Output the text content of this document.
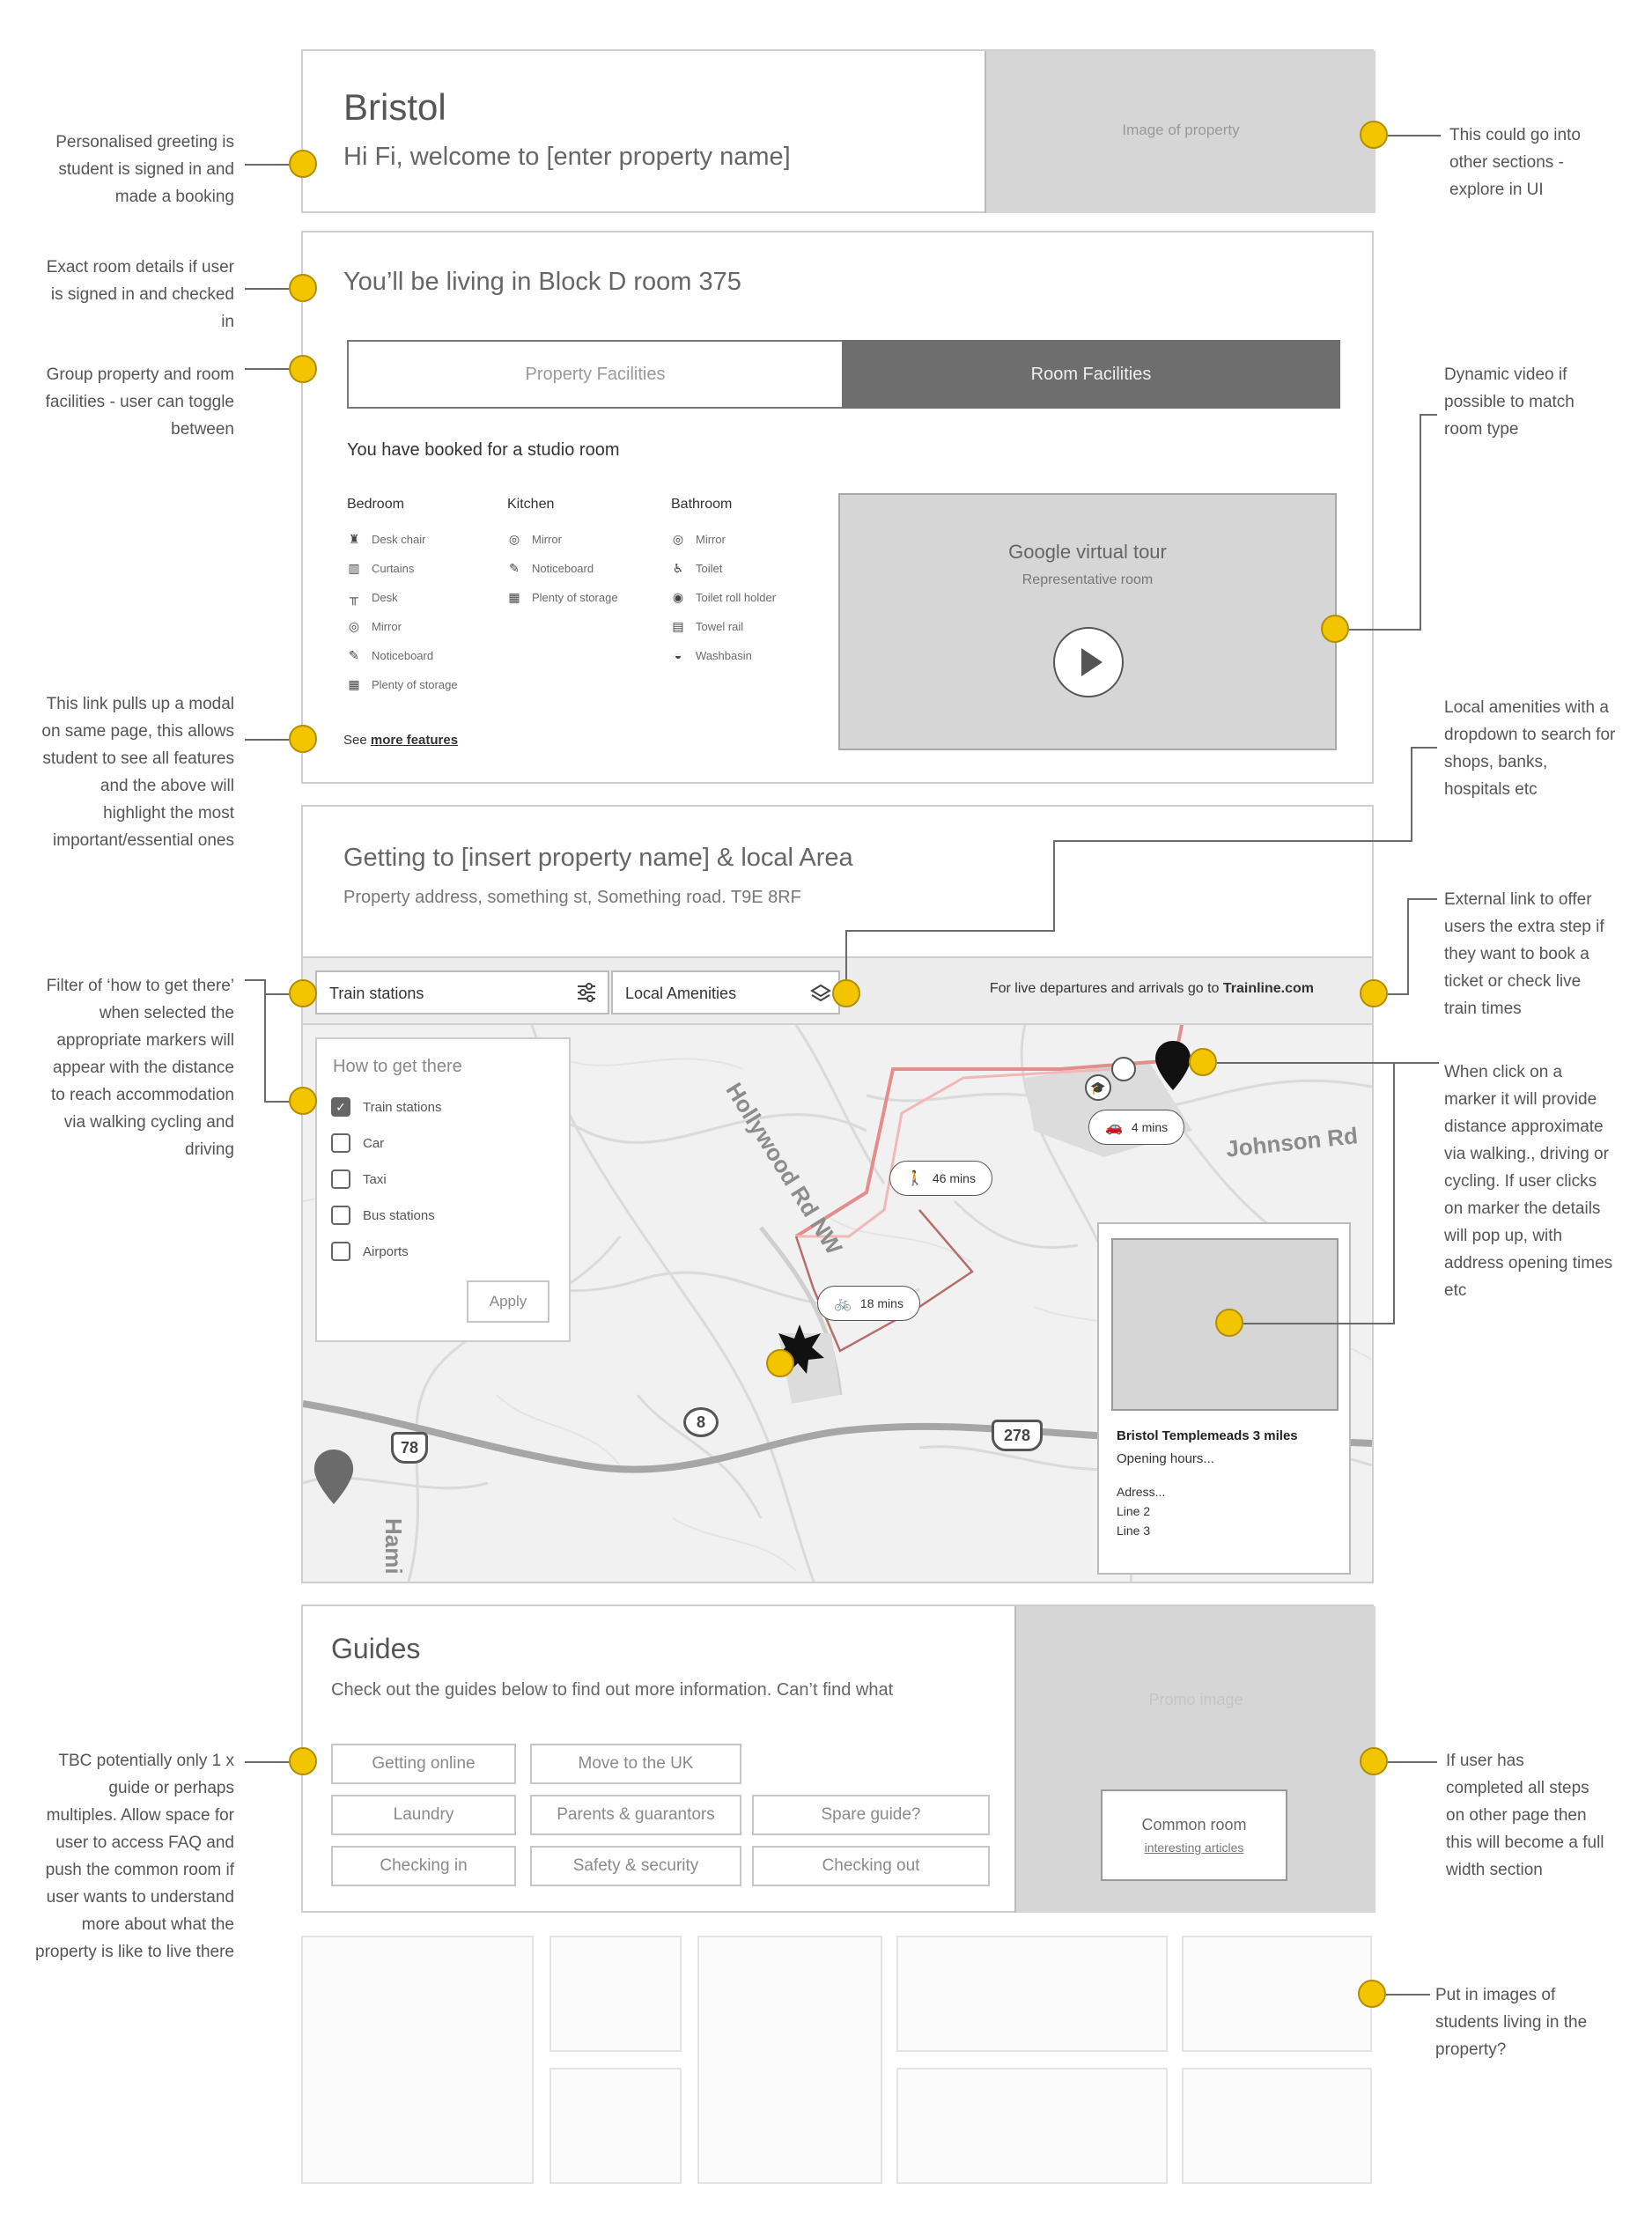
Bristol
Hi Fi, welcome to [enter property name]
Image of property
You’ll be living in Block D room 375
Property Facilities	Room Facilities
You have booked for a studio room
Bedroom
♜ Desk chair
▥ Curtains
╥ Desk
◎ Mirror
✎ Noticeboard
▦ Plenty of storage
Kitchen
◎ Mirror
✎ Noticeboard
▦ Plenty of storage
Bathroom
◎ Mirror
♿ Toilet
◉ Toilet roll holder
▤ Towel rail
◒ Washbasin
See more features
Google virtual tour
Representative room
Getting to [insert property name] & local Area
Property address, something st, Something road. T9E 8RF
Train stations	Local Amenities	For live departures and arrivals go to Trainline.com
Hollywood Rd NW	Johnson Rd
Hami
78
8
278
🎓
🚗 4 mins
🚶 46 mins
🚲 18 mins
How to get there
✓	Train stations
Car
Taxi
Bus stations
Airports
Apply
Bristol Templemeads 3 miles
Opening hours...
Adress...
Line 2
Line 3
Guides
Check out the guides below to find out more information. Can’t find what
Getting online	Move to the UK
Laundry	Parents & guarantors	Spare guide?
Checking in	Safety & security	Checking out
Promo image
Common room
interesting articles
Personalised greeting is student is signed in and made a booking
This could go into other sections - explore in UI
Exact room details if user is signed in and checked in
Group property and room facilities - user can toggle between
Dynamic video if possible to match room type
This link pulls up a modal on same page, this allows student to see all features and the above will highlight the most important/essential ones
Local amenities with a dropdown to search for shops, banks, hospitals etc
External link to offer users the extra step if they want to book a ticket or check live train times
Filter of ‘how to get there’ when selected the appropriate markers will appear with the distance to reach accommodation via walking cycling and driving
When click on a marker it will provide distance approximate via walking., driving or cycling. If user clicks on marker the details will pop up, with address opening times etc
TBC potentially only 1 x guide or perhaps multiples. Allow space for user to access FAQ and push the common room if user wants to understand more about what the property is like to live there
If user has completed all steps on other page then this will become a full width section
Put in images of students living in the property?
